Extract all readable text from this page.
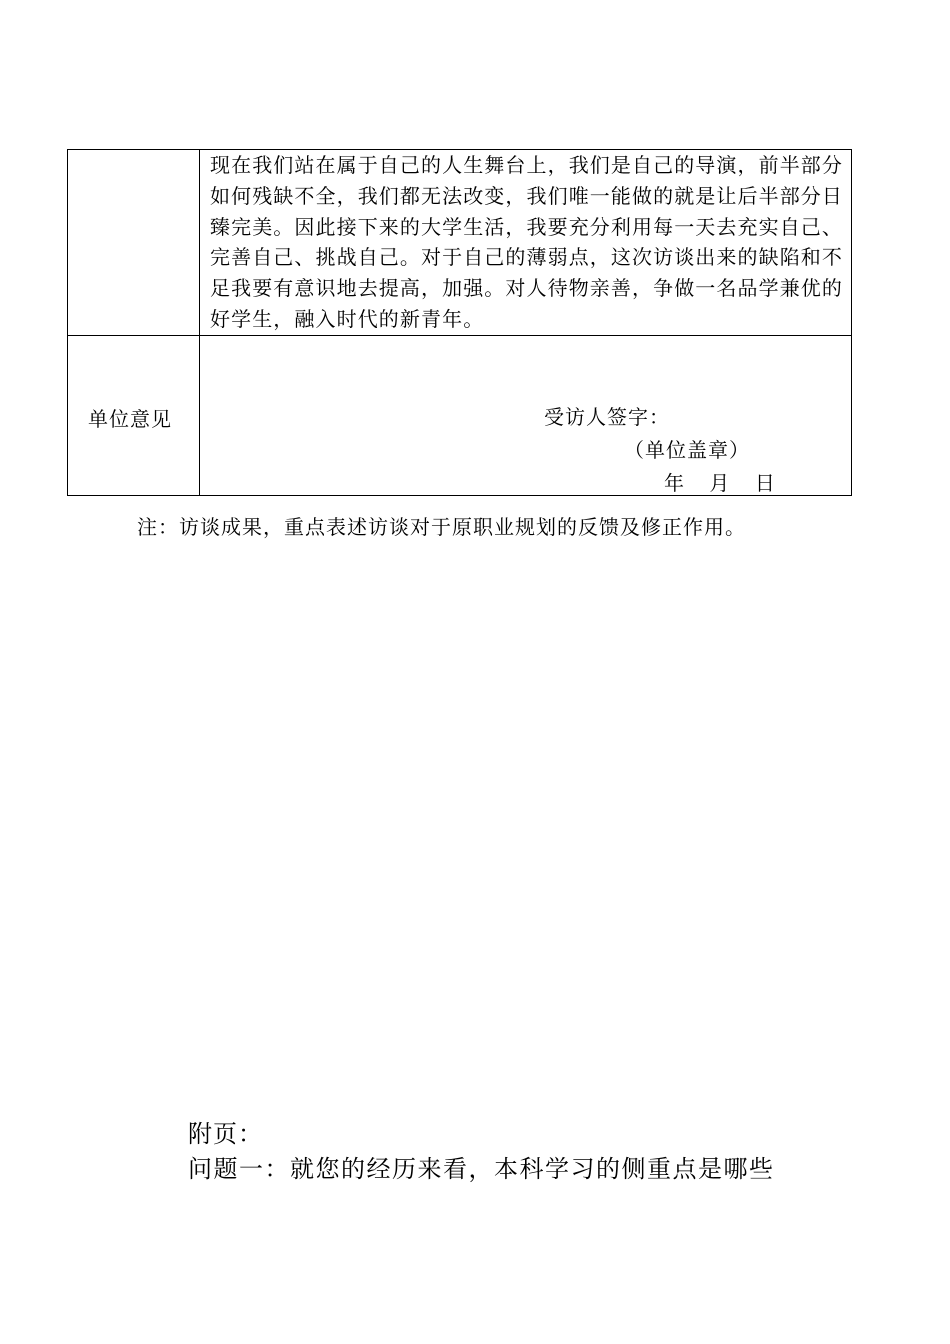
	现在我们站在属于自己的人生舞台上，我们是自己的导演，前半部分如何残缺不全，我们都无法改变，我们唯一能做的就是让后半部分日臻完美。因此接下来的大学生活，我要充分利用每一天去充实自己、完善自己、挑战自己。对于自己的薄弱点，这次访谈出来的缺陷和不足我要有意识地去提高，加强。对人待物亲善，争做一名品学兼优的好学生，融入时代的新青年。

单位意见	受访人签字：
（单位盖章）
年    月    日
注：访谈成果，重点表述访谈对于原职业规划的反馈及修正作用。
附页：
问题一：就您的经历来看，本科学习的侧重点是哪些
